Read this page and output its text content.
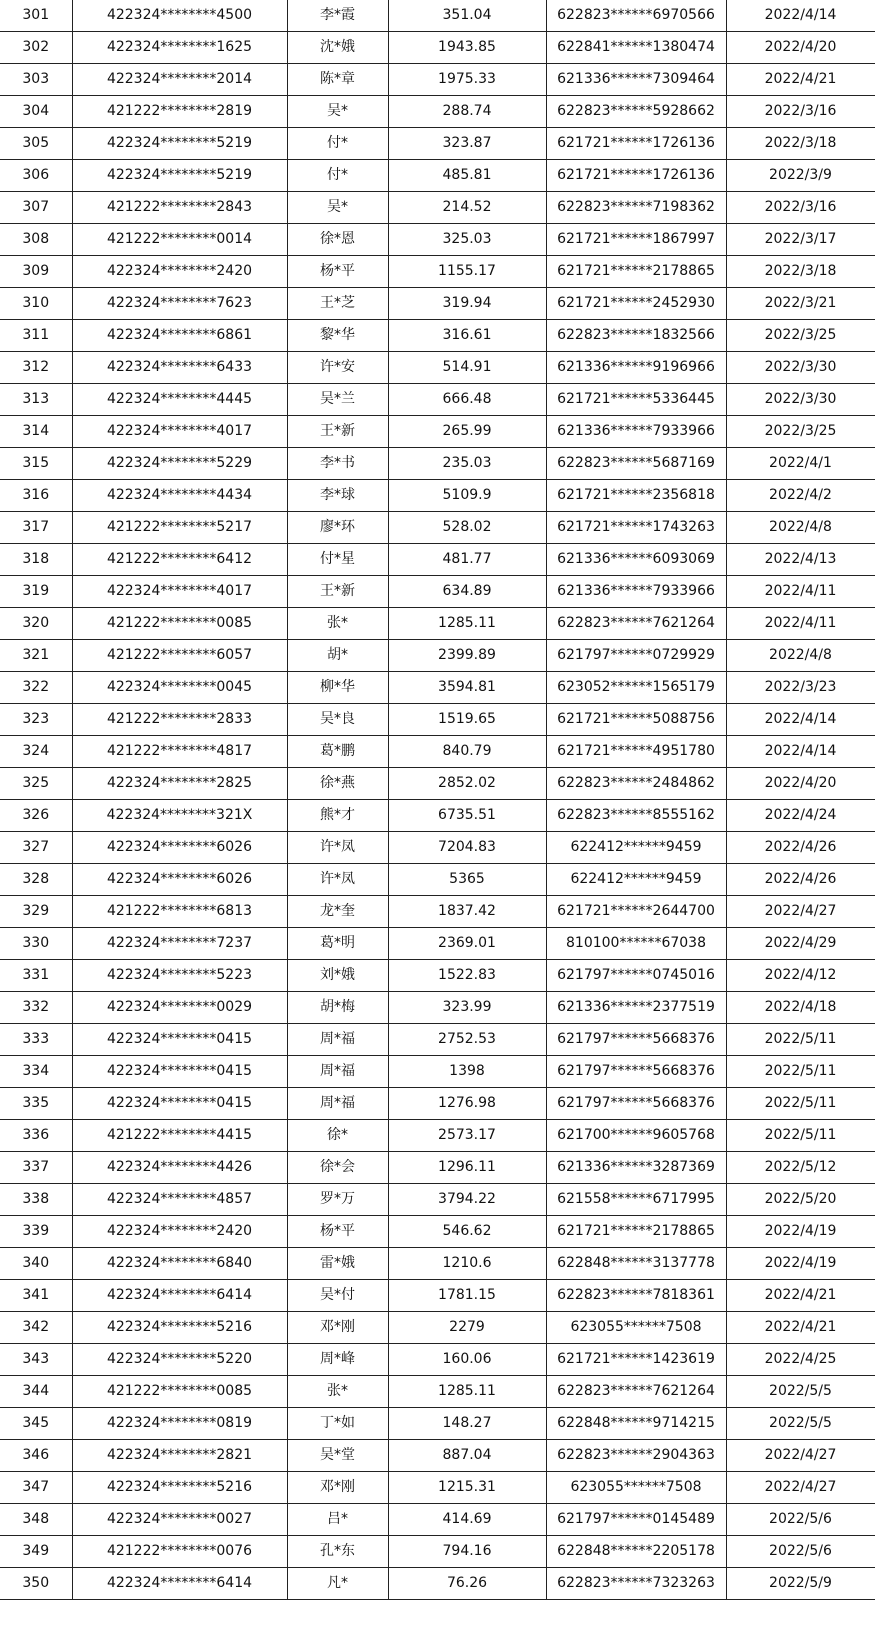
301	422324********4500	李*霞	351.04	622823******6970566	2022/4/14
302	422324********1625	沈*娥	1943.85	622841******1380474	2022/4/20
303	422324********2014	陈*章	1975.33	621336******7309464	2022/4/21
304	421222********2819	吴*	288.74	622823******5928662	2022/3/16
305	422324********5219	付*	323.87	621721******1726136	2022/3/18
306	422324********5219	付*	485.81	621721******1726136	2022/3/9
307	421222********2843	吴*	214.52	622823******7198362	2022/3/16
308	421222********0014	徐*恩	325.03	621721******1867997	2022/3/17
309	422324********2420	杨*平	1155.17	621721******2178865	2022/3/18
310	422324********7623	王*芝	319.94	621721******2452930	2022/3/21
311	422324********6861	黎*华	316.61	622823******1832566	2022/3/25
312	422324********6433	许*安	514.91	621336******9196966	2022/3/30
313	422324********4445	吴*兰	666.48	621721******5336445	2022/3/30
314	422324********4017	王*新	265.99	621336******7933966	2022/3/25
315	422324********5229	李*书	235.03	622823******5687169	2022/4/1
316	422324********4434	李*球	5109.9	621721******2356818	2022/4/2
317	421222********5217	廖*环	528.02	621721******1743263	2022/4/8
318	421222********6412	付*星	481.77	621336******6093069	2022/4/13
319	422324********4017	王*新	634.89	621336******7933966	2022/4/11
320	421222********0085	张*	1285.11	622823******7621264	2022/4/11
321	421222********6057	胡*	2399.89	621797******0729929	2022/4/8
322	422324********0045	柳*华	3594.81	623052******1565179	2022/3/23
323	421222********2833	吴*良	1519.65	621721******5088756	2022/4/14
324	421222********4817	葛*鹏	840.79	621721******4951780	2022/4/14
325	422324********2825	徐*燕	2852.02	622823******2484862	2022/4/20
326	422324********321X	熊*才	6735.51	622823******8555162	2022/4/24
327	422324********6026	许*凤	7204.83	622412******9459	2022/4/26
328	422324********6026	许*凤	5365	622412******9459	2022/4/26
329	421222********6813	龙*奎	1837.42	621721******2644700	2022/4/27
330	422324********7237	葛*明	2369.01	810100******67038	2022/4/29
331	422324********5223	刘*娥	1522.83	621797******0745016	2022/4/12
332	422324********0029	胡*梅	323.99	621336******2377519	2022/4/18
333	422324********0415	周*福	2752.53	621797******5668376	2022/5/11
334	422324********0415	周*福	1398	621797******5668376	2022/5/11
335	422324********0415	周*福	1276.98	621797******5668376	2022/5/11
336	421222********4415	徐*	2573.17	621700******9605768	2022/5/11
337	422324********4426	徐*会	1296.11	621336******3287369	2022/5/12
338	422324********4857	罗*万	3794.22	621558******6717995	2022/5/20
339	422324********2420	杨*平	546.62	621721******2178865	2022/4/19
340	422324********6840	雷*娥	1210.6	622848******3137778	2022/4/19
341	422324********6414	吴*付	1781.15	622823******7818361	2022/4/21
342	422324********5216	邓*刚	2279	623055******7508	2022/4/21
343	422324********5220	周*峰	160.06	621721******1423619	2022/4/25
344	421222********0085	张*	1285.11	622823******7621264	2022/5/5
345	422324********0819	丁*如	148.27	622848******9714215	2022/5/5
346	422324********2821	吴*堂	887.04	622823******2904363	2022/4/27
347	422324********5216	邓*刚	1215.31	623055******7508	2022/4/27
348	422324********0027	吕*	414.69	621797******0145489	2022/5/6
349	421222********0076	孔*东	794.16	622848******2205178	2022/5/6
350	422324********6414	凡*	76.26	622823******7323263	2022/5/9
